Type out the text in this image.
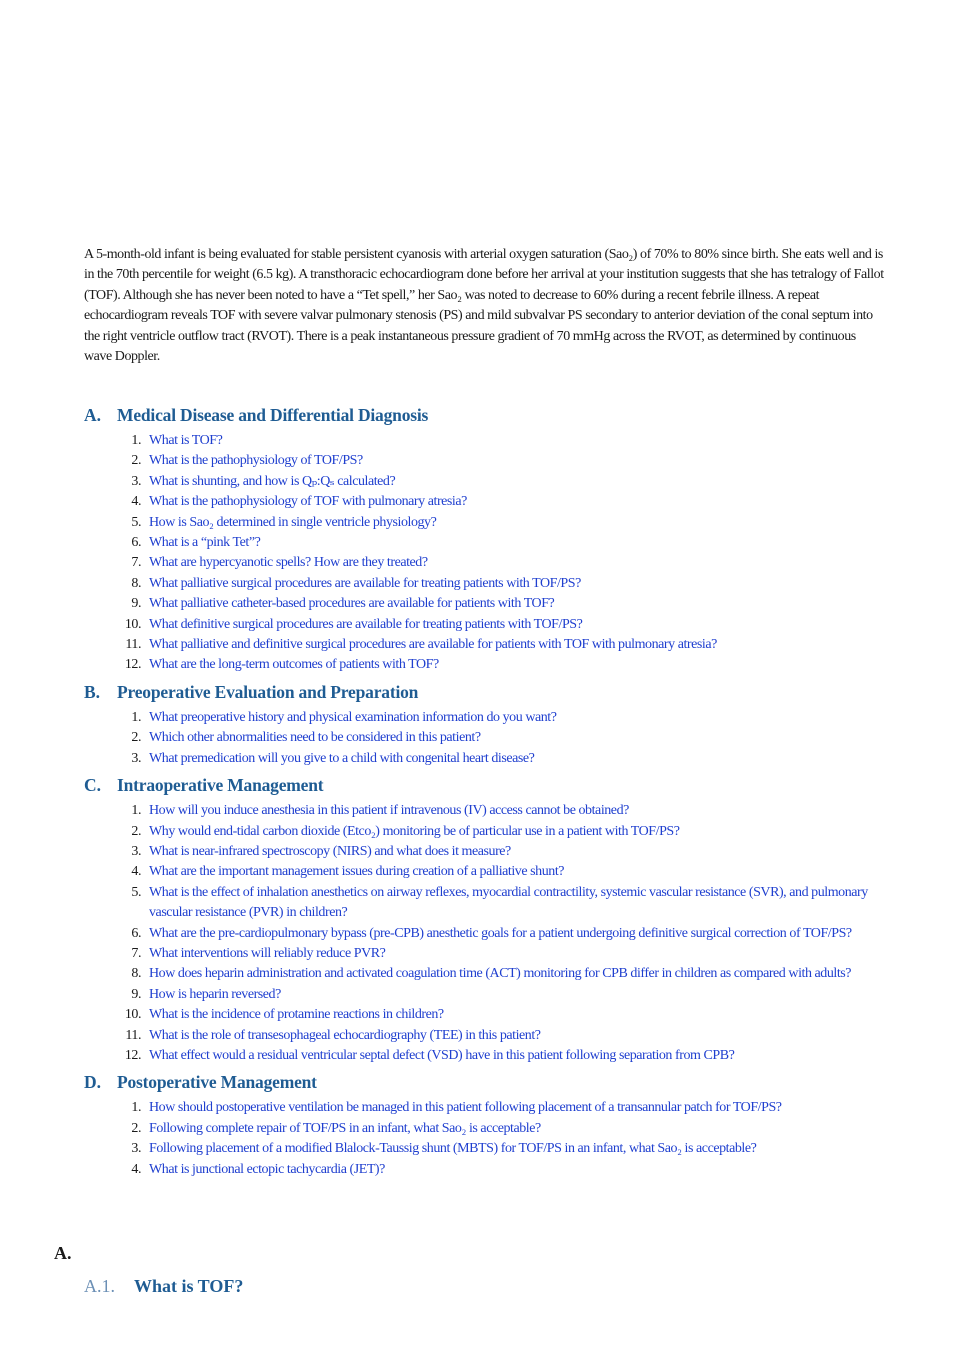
A 5-month-old infant is being evaluated for stable persistent cyanosis with arterial oxygen saturation (Sao₂) of 70% to 80% since birth. She eats well and is in the 70th percentile for weight (6.5 kg). A transthoracic echocardiogram done before her arrival at your institution suggests that she has tetralogy of Fallot (TOF). Although she has never been noted to have a “Tet spell,” her Sao₂ was noted to decrease to 60% during a recent febrile illness. A repeat echocardiogram reveals TOF with severe valvar pulmonary stenosis (PS) and mild subvalvar PS secondary to anterior deviation of the conal septum into the right ventricle outflow tract (RVOT). There is a peak instantaneous pressure gradient of 70 mmHg across the RVOT, as determined by continuous wave Doppler.

A. Medical Disease and Differential Diagnosis
1. What is TOF?
2. What is the pathophysiology of TOF/PS?
3. What is shunting, and how is Qₚ:Qₛ calculated?
4. What is the pathophysiology of TOF with pulmonary atresia?
5. How is Sao₂ determined in single ventricle physiology?
6. What is a “pink Tet”?
7. What are hypercyanotic spells? How are they treated?
8. What palliative surgical procedures are available for treating patients with TOF/PS?
9. What palliative catheter-based procedures are available for patients with TOF?
10. What definitive surgical procedures are available for treating patients with TOF/PS?
11. What palliative and definitive surgical procedures are available for patients with TOF with pulmonary atresia?
12. What are the long-term outcomes of patients with TOF?
B. Preoperative Evaluation and Preparation
1. What preoperative history and physical examination information do you want?
2. Which other abnormalities need to be considered in this patient?
3. What premedication will you give to a child with congenital heart disease?
C. Intraoperative Management
1. How will you induce anesthesia in this patient if intravenous (IV) access cannot be obtained?
2. Why would end-tidal carbon dioxide (Etco₂) monitoring be of particular use in a patient with TOF/PS?
3. What is near-infrared spectroscopy (NIRS) and what does it measure?
4. What are the important management issues during creation of a palliative shunt?
5. What is the effect of inhalation anesthetics on airway reflexes, myocardial contractility, systemic vascular resistance (SVR), and pulmonary vascular resistance (PVR) in children?
6. What are the pre-cardiopulmonary bypass (pre-CPB) anesthetic goals for a patient undergoing definitive surgical correction of TOF/PS?
7. What interventions will reliably reduce PVR?
8. How does heparin administration and activated coagulation time (ACT) monitoring for CPB differ in children as compared with adults?
9. How is heparin reversed?
10. What is the incidence of protamine reactions in children?
11. What is the role of transesophageal echocardiography (TEE) in this patient?
12. What effect would a residual ventricular septal defect (VSD) have in this patient following separation from CPB?
D. Postoperative Management
1. How should postoperative ventilation be managed in this patient following placement of a transannular patch for TOF/PS?
2. Following complete repair of TOF/PS in an infant, what Sao₂ is acceptable?
3. Following placement of a modified Blalock-Taussig shunt (MBTS) for TOF/PS in an infant, what Sao₂ is acceptable?
4. What is junctional ectopic tachycardia (JET)?
A.
A.1.	What is TOF?
